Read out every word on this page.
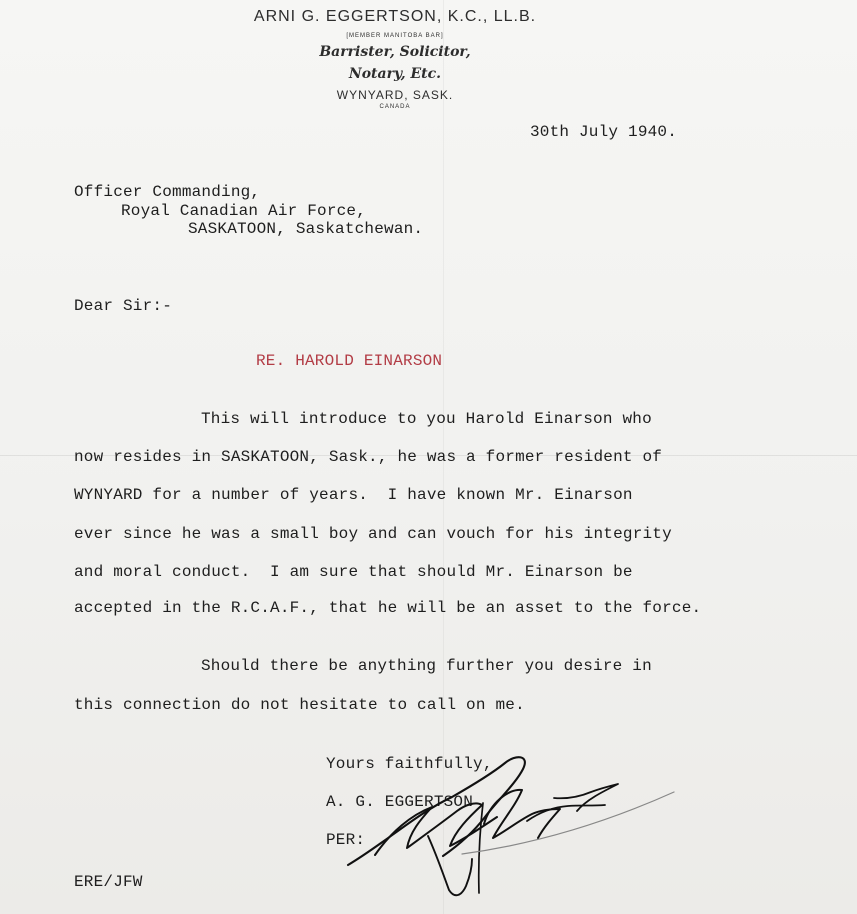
ARNI G. EGGERTSON, K.C., LL.B.
[MEMBER MANITOBA BAR]
Barrister, Solicitor,
Notary, Etc.
WYNYARD, SASK.
CANADA
30th July 1940.
Officer Commanding,
Royal Canadian Air Force,
SASKATOON, Saskatchewan.
Dear Sir:-
RE. HAROLD EINARSON
This will introduce to you Harold Einarson who
now resides in SASKATOON, Sask., he was a former resident of
WYNYARD for a number of years.  I have known Mr. Einarson
ever since he was a small boy and can vouch for his integrity
and moral conduct.  I am sure that should Mr. Einarson be
accepted in the R.C.A.F., that he will be an asset to the force.
Should there be anything further you desire in
this connection do not hesitate to call on me.
Yours faithfully,
A. G. EGGERTSON
PER:
ERE/JFW
